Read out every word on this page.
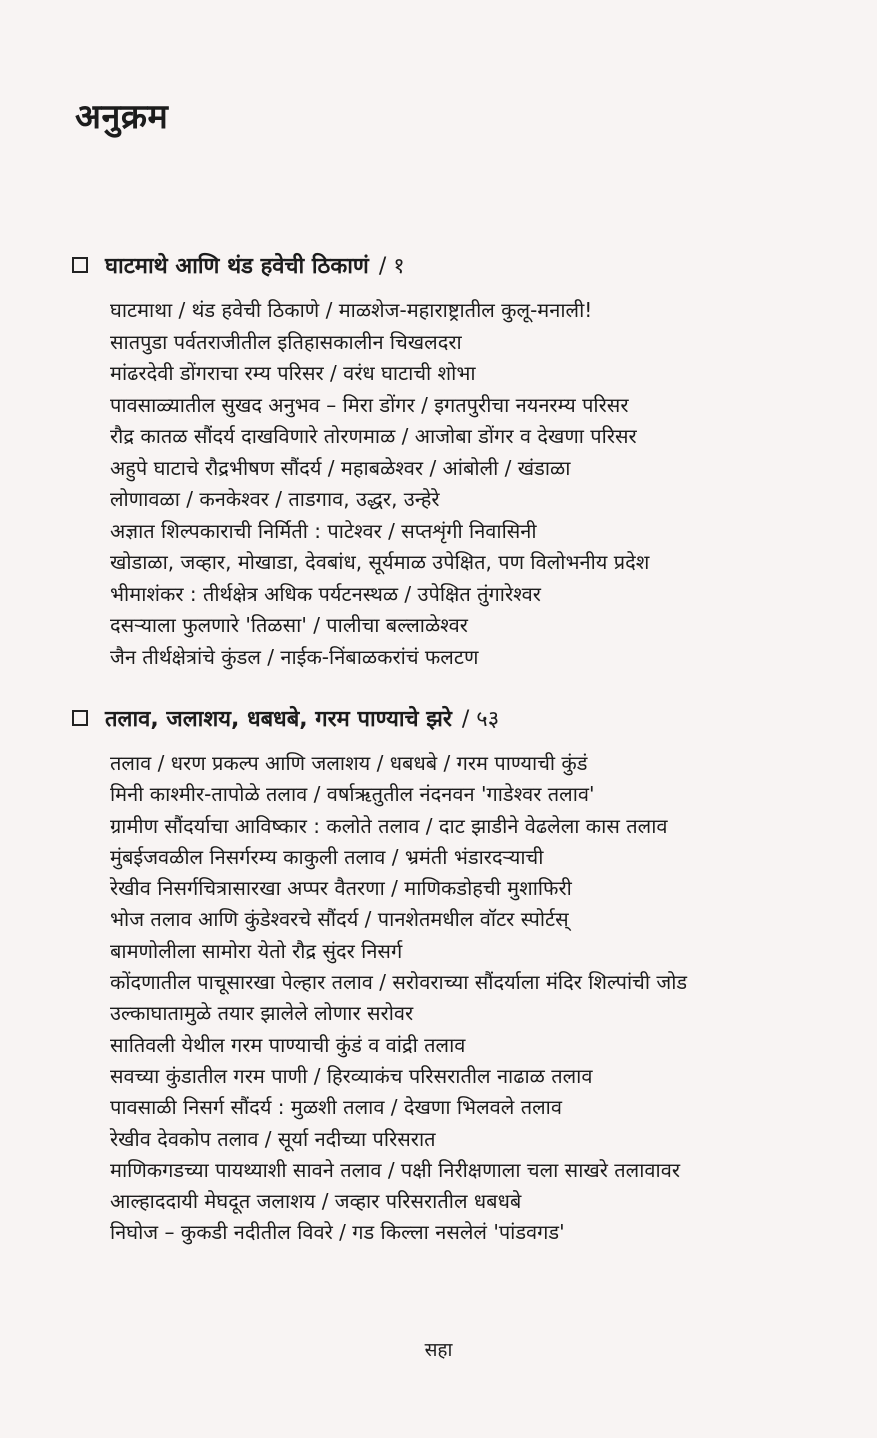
अनुक्रम
घाटमाथे आणि थंड हवेची ठिकाणं / १
घाटमाथा / थंड हवेची ठिकाणे / माळशेज-महाराष्ट्रातील कुलू-मनाली!
सातपुडा पर्वतराजीतील इतिहासकालीन चिखलदरा
मांढरदेवी डोंगराचा रम्य परिसर / वरंध घाटाची शोभा
पावसाळ्यातील सुखद अनुभव – मिरा डोंगर / इगतपुरीचा नयनरम्य परिसर
रौद्र कातळ सौंदर्य दाखविणारे तोरणमाळ / आजोबा डोंगर व देखणा परिसर
अहुपे घाटाचे रौद्रभीषण सौंदर्य / महाबळेश्वर / आंबोली / खंडाळा
लोणावळा / कनकेश्वर / ताडगाव, उद्धर, उन्हेरे
अज्ञात शिल्पकाराची निर्मिती : पाटेश्वर / सप्तशृंगी निवासिनी
खोडाळा, जव्हार, मोखाडा, देवबांध, सूर्यमाळ उपेक्षित, पण विलोभनीय प्रदेश
भीमाशंकर : तीर्थक्षेत्र अधिक पर्यटनस्थळ / उपेक्षित तुंगारेश्वर
दसऱ्याला फुलणारे 'तिळसा' / पालीचा बल्लाळेश्वर
जैन तीर्थक्षेत्रांचे कुंडल / नाईक-निंबाळकरांचं फलटण
तलाव, जलाशय, धबधबे, गरम पाण्याचे झरे / ५३
तलाव / धरण प्रकल्प आणि जलाशय / धबधबे / गरम पाण्याची कुंडं
मिनी काश्मीर-तापोळे तलाव / वर्षाऋतुतील नंदनवन 'गाडेश्वर तलाव'
ग्रामीण सौंदर्याचा आविष्कार : कलोते तलाव / दाट झाडीने वेढलेला कास तलाव
मुंबईजवळील निसर्गरम्य काकुली तलाव / भ्रमंती भंडारदऱ्याची
रेखीव निसर्गचित्रासारखा अप्पर वैतरणा / माणिकडोहची मुशाफिरी
भोज तलाव आणि कुंडेश्वरचे सौंदर्य / पानशेतमधील वॉटर स्पोर्टस्
बामणोलीला सामोरा येतो रौद्र सुंदर निसर्ग
कोंदणातील पाचूसारखा पेल्हार तलाव / सरोवराच्या सौंदर्याला मंदिर शिल्पांची जोड
उल्काघातामुळे तयार झालेले लोणार सरोवर
सातिवली येथील गरम पाण्याची कुंडं व वांद्री तलाव
सवच्या कुंडातील गरम पाणी / हिरव्याकंच परिसरातील नाढाळ तलाव
पावसाळी निसर्ग सौंदर्य : मुळशी तलाव / देखणा भिलवले तलाव
रेखीव देवकोप तलाव / सूर्या नदीच्या परिसरात
माणिकगडच्या पायथ्याशी सावने तलाव / पक्षी निरीक्षणाला चला साखरे तलावावर
आल्हाददायी मेघदूत जलाशय / जव्हार परिसरातील धबधबे
निघोज – कुकडी नदीतील विवरे / गड किल्ला नसलेलं 'पांडवगड'
सहा
